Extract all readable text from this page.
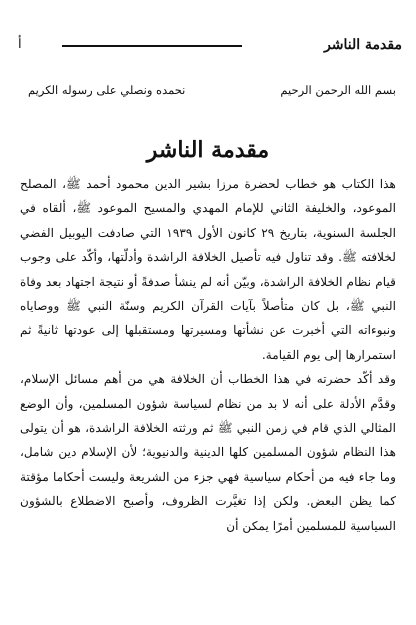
مقدمة الناشر
أ
بسم الله الرحمن الرحيم
نحمده ونصلي على رسوله الكريم
مقدمة الناشر

هذا الكتاب هو خطاب لحضرة مرزا بشير الدين محمود أحمد ﷺ، المصلح الموعود، والخليفة الثاني للإمام المهدي والمسيح الموعود ﷺ، ألقاه في الجلسة السنوية، بتاريخ ٢٩ كانون الأول ١٩٣٩ التي صادفت اليوبيل الفضي لخلافته ﷺ. وقد تناول فيه تأصيل الخلافة الراشدة وأدلّتها، وأكّد على وجوب قيام نظام الخلافة الراشدة، وبيّن أنه لم ينشأ صدفةً أو نتيجة اجتهاد بعد وفاة النبي ﷺ، بل كان متأصلاً بآيات القرآن الكريم وسنّة النبي ﷺ ووصاياه ونبوءاته التي أخبرت عن نشأتها ومسيرتها ومستقبلها إلى عودتها ثانيةً ثم استمرارها إلى يوم القيامة.

وقد أكّد حضرته في هذا الخطاب أن الخلافة هي من أهم مسائل الإسلام، وقدَّم الأدلة على أنه لا بد من نظام لسياسة شؤون المسلمين، وأن الوضع المثالي الذي قام في زمن النبي ﷺ ثم ورثته الخلافة الراشدة، هو أن يتولى هذا النظام شؤون المسلمين كلها الدينية والدنيوية؛ لأن الإسلام دين شامل، وما جاء فيه من أحكام سياسية فهي جزء من الشريعة وليست أحكاما مؤقتة كما يظن البعض. ولكن إذا تغيَّرت الظروف، وأصبح الاضطلاع بالشؤون السياسية للمسلمين أمرًا يمكن أن
